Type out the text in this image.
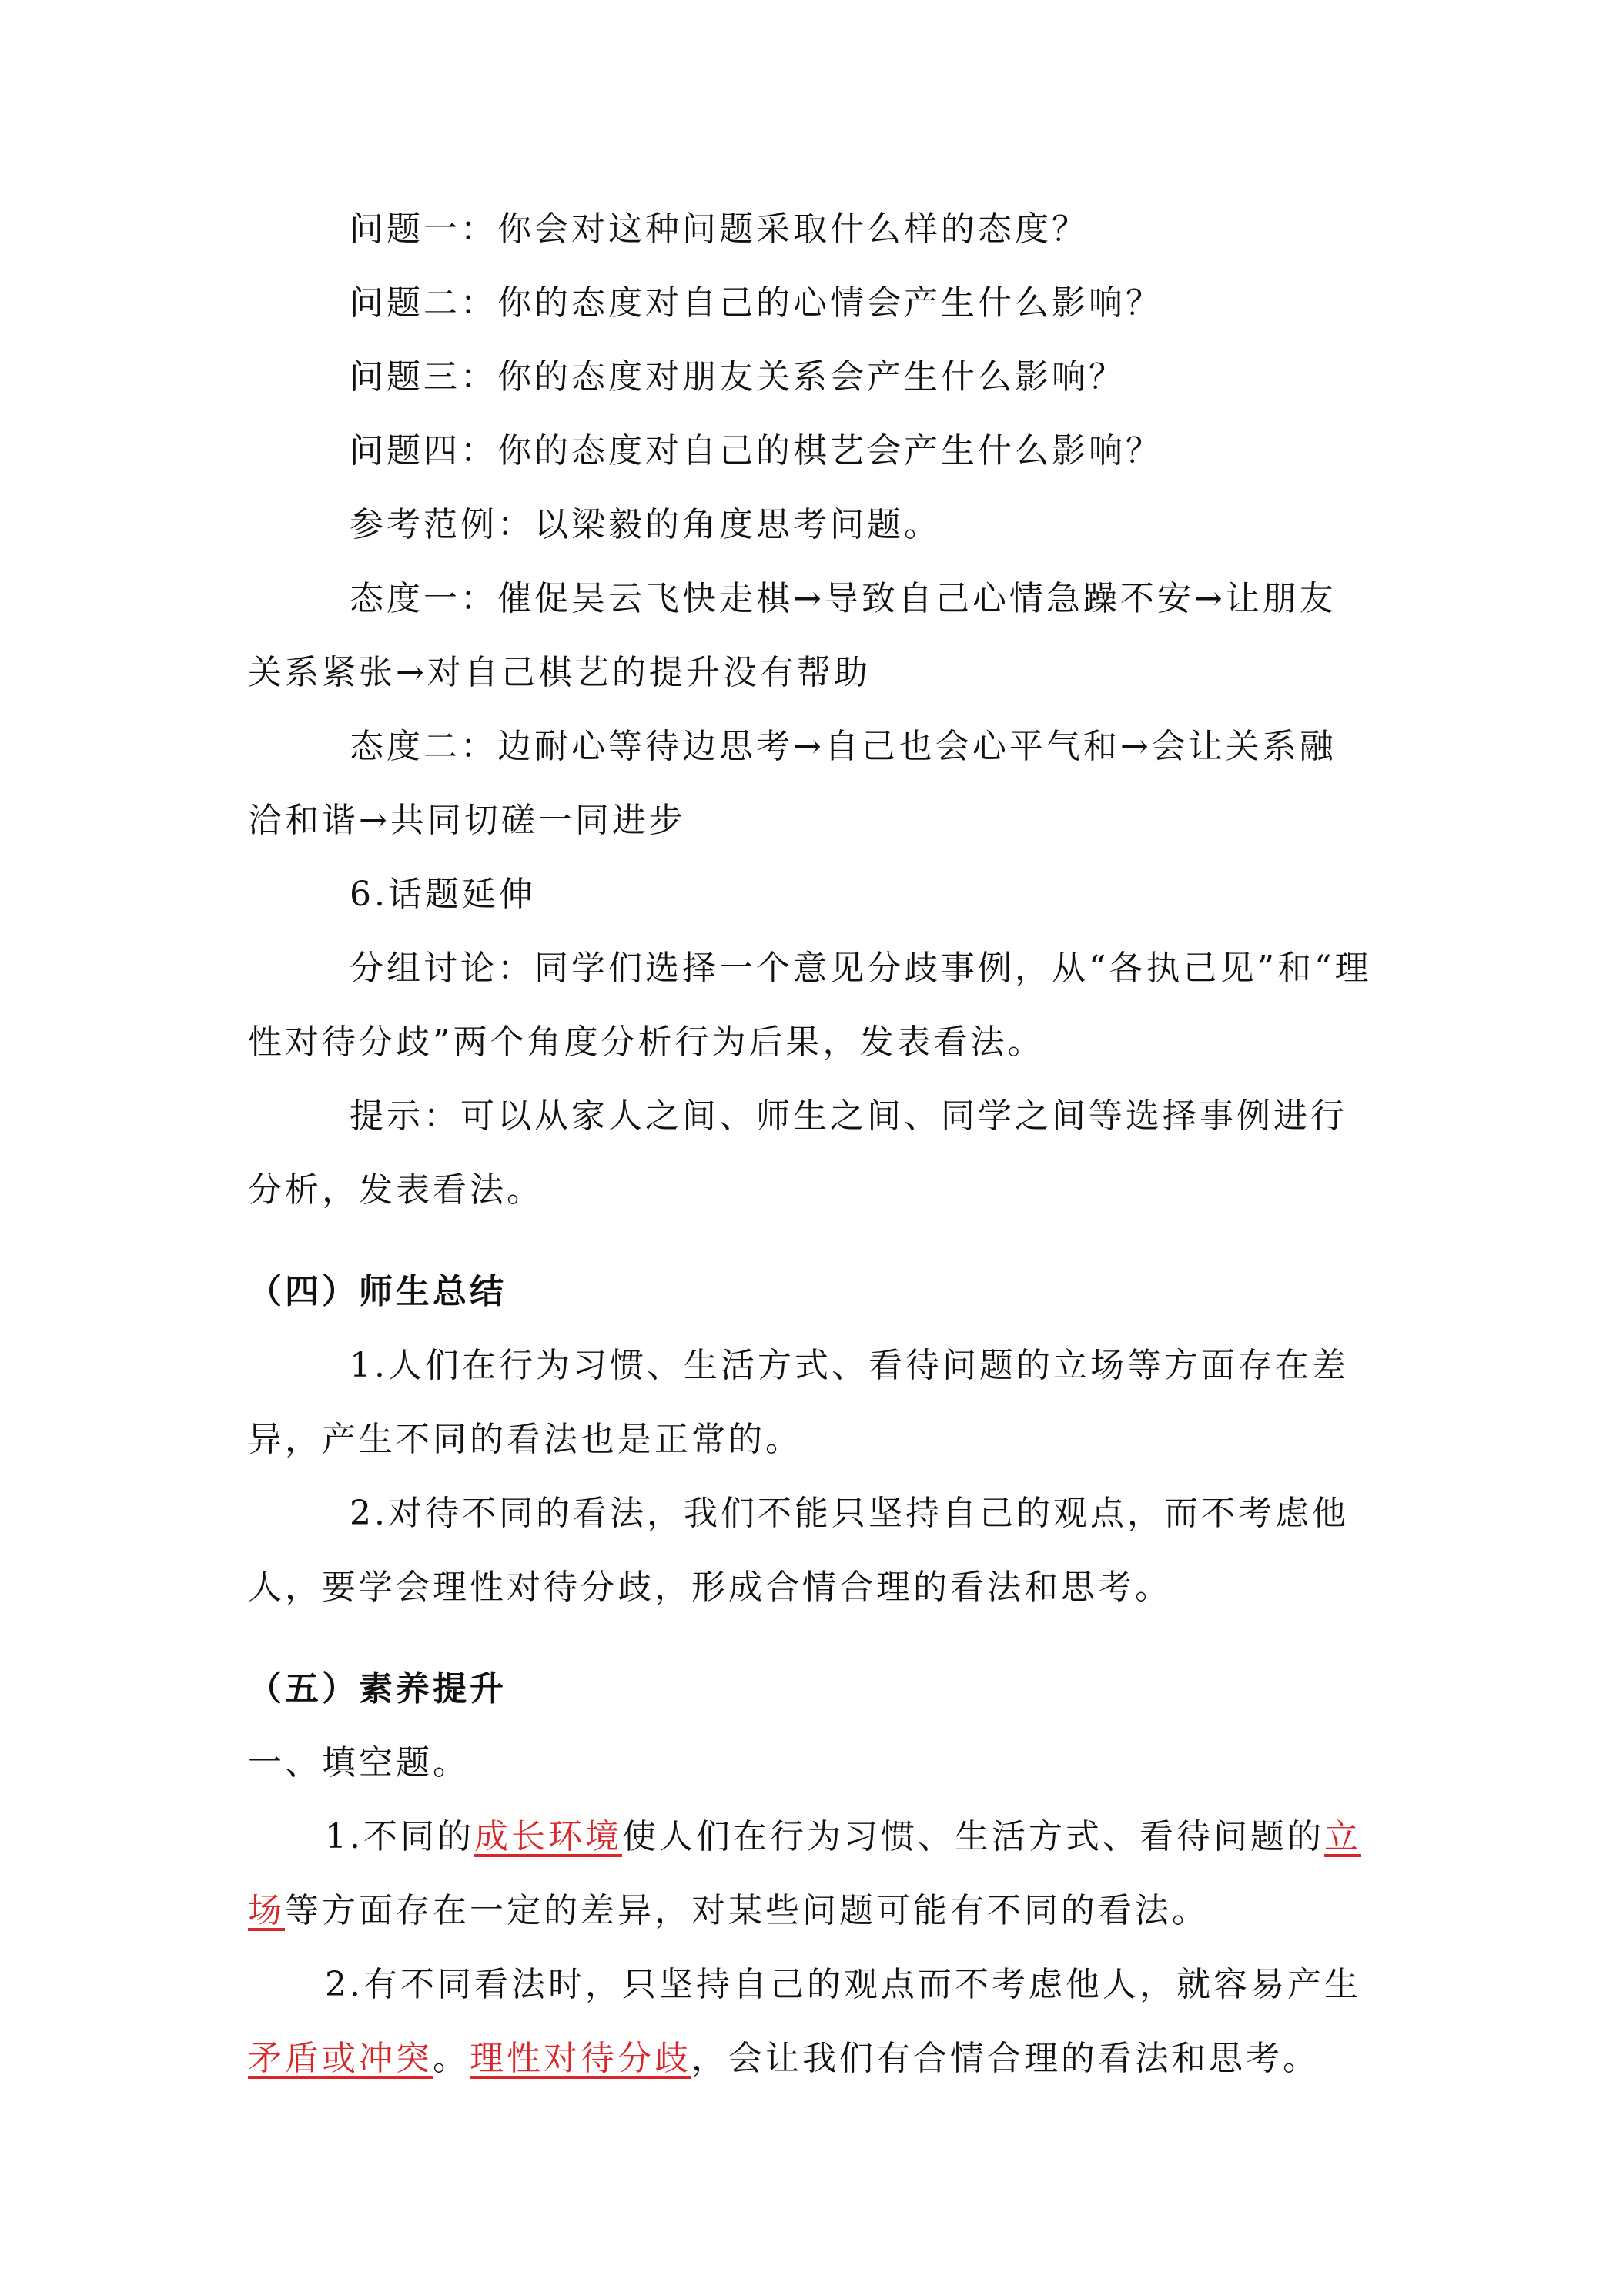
问题一：你会对这种问题采取什么样的态度？

问题二：你的态度对自己的心情会产生什么影响？

问题三：你的态度对朋友关系会产生什么影响？

问题四：你的态度对自己的棋艺会产生什么影响？

参考范例：以梁毅的角度思考问题。

态度一：催促吴云飞快走棋→导致自己心情急躁不安→让朋友

关系紧张→对自己棋艺的提升没有帮助

态度二：边耐心等待边思考→自己也会心平气和→会让关系融

洽和谐→共同切磋一同进步

6.话题延伸

分组讨论：同学们选择一个意见分歧事例，从“各执己见”和“理

性对待分歧”两个角度分析行为后果，发表看法。

提示：可以从家人之间、师生之间、同学之间等选择事例进行

分析，发表看法。

（四）师生总结

1.人们在行为习惯、生活方式、看待问题的立场等方面存在差

异，产生不同的看法也是正常的。

2.对待不同的看法，我们不能只坚持自己的观点，而不考虑他

人，要学会理性对待分歧，形成合情合理的看法和思考。

（五）素养提升

一、填空题。

1.不同的成长环境使人们在行为习惯、生活方式、看待问题的立

场等方面存在一定的差异，对某些问题可能有不同的看法。

2.有不同看法时，只坚持自己的观点而不考虑他人，就容易产生

矛盾或冲突。理性对待分歧，会让我们有合情合理的看法和思考。
